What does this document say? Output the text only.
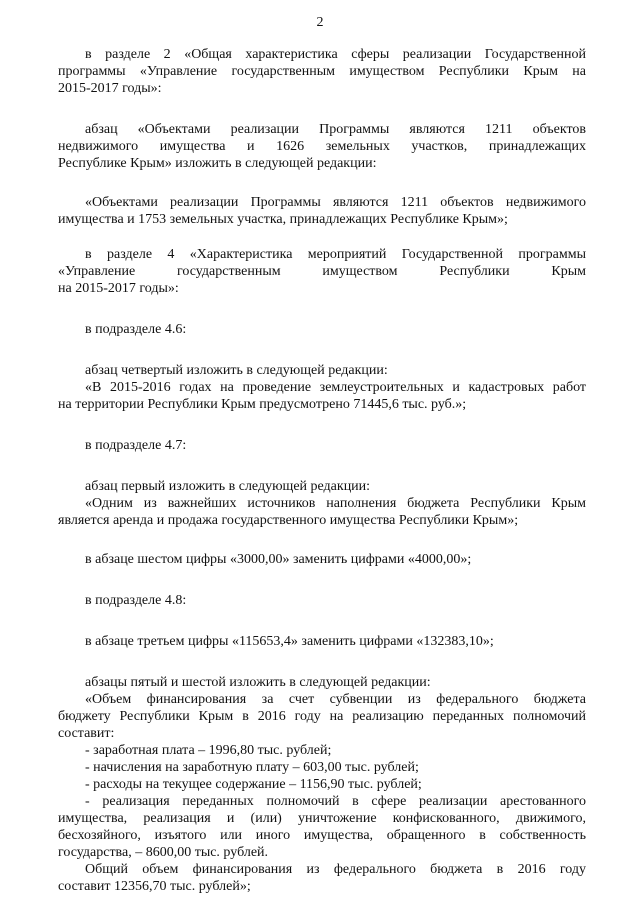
2

в разделе 2 «Общая характеристика сферы реализации Государственной

программы «Управление государственным имуществом Республики Крым на

2015-2017 годы»:

абзац «Объектами реализации Программы являются 1211 объектов

недвижимого имущества и 1626 земельных участков, принадлежащих

Республике Крым» изложить в следующей редакции:

«Объектами реализации Программы являются 1211 объектов недвижимого

имущества и 1753 земельных участка, принадлежащих Республике Крым»;

в разделе 4 «Характеристика мероприятий Государственной программы

«Управление государственным имуществом Республики Крым

на 2015-2017 годы»:

в подразделе 4.6:

абзац четвертый изложить в следующей редакции:

«В 2015-2016 годах на проведение землеустроительных и кадастровых работ

на территории Республики Крым предусмотрено 71445,6 тыс. руб.»;

в подразделе 4.7:

абзац первый изложить в следующей редакции:

«Одним из важнейших источников наполнения бюджета Республики Крым

является аренда и продажа государственного имущества Республики Крым»;

в абзаце шестом цифры «3000,00» заменить цифрами «4000,00»;

в подразделе 4.8:

в абзаце третьем цифры «115653,4» заменить цифрами «132383,10»;

абзацы пятый и шестой изложить в следующей редакции:

«Объем финансирования за счет субвенции из федерального бюджета

бюджету Республики Крым в 2016 году на реализацию переданных полномочий

составит:

- заработная плата – 1996,80 тыс. рублей;

- начисления на заработную плату – 603,00 тыс. рублей;

- расходы на текущее содержание – 1156,90 тыс. рублей;

- реализация переданных полномочий в сфере реализации арестованного

имущества, реализация и (или) уничтожение конфискованного, движимого,

бесхозяйного, изъятого или иного имущества, обращенного в собственность

государства, – 8600,00 тыс. рублей.

Общий объем финансирования из федерального бюджета в 2016 году

составит 12356,70 тыс. рублей»;
